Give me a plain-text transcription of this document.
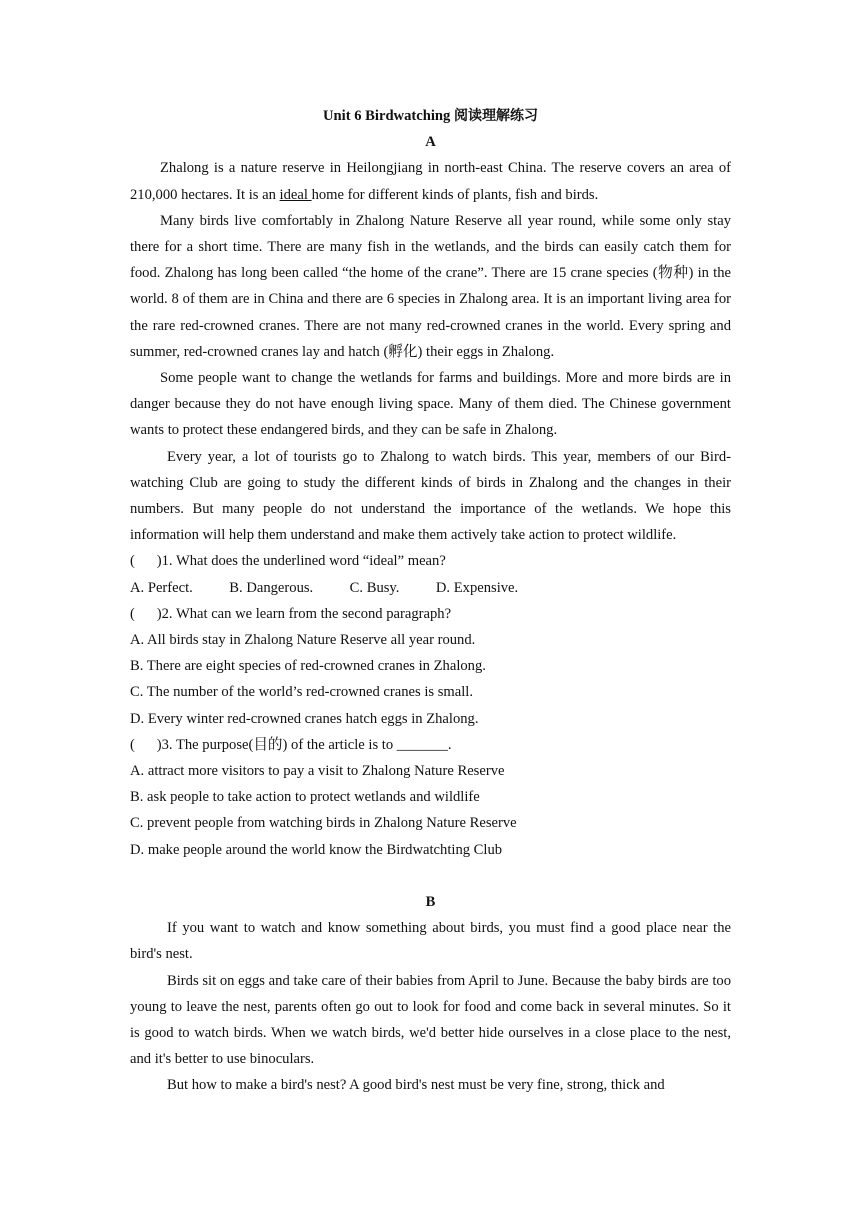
Unit 6 Birdwatching 阅读理解练习

A

Zhalong is a nature reserve in Heilongjiang in north-east China. The reserve covers an area of 210,000 hectares. It is an ideal home for different kinds of plants, fish and birds.

Many birds live comfortably in Zhalong Nature Reserve all year round, while some only stay there for a short time. There are many fish in the wetlands, and the birds can easily catch them for food. Zhalong has long been called “the home of the crane”. There are 15 crane species (物种) in the world. 8 of them are in China and there are 6 species in Zhalong area. It is an important living area for the rare red-crowned cranes. There are not many red-crowned cranes in the world. Every spring and summer, red-crowned cranes lay and hatch (孵化) their eggs in Zhalong.

Some people want to change the wetlands for farms and buildings. More and more birds are in danger because they do not have enough living space. Many of them died. The Chinese government wants to protect these endangered birds, and they can be safe in Zhalong.

Every year, a lot of tourists go to Zhalong to watch birds. This year, members of our Bird-watching Club are going to study the different kinds of birds in Zhalong and the changes in their numbers. But many people do not understand the importance of the wetlands. We hope this information will help them understand and make them actively take action to protect wildlife.

(      )1. What does the underlined word “ideal” mean?

A. Perfect.          B. Dangerous.          C. Busy.          D. Expensive.

(      )2. What can we learn from the second paragraph?

A. All birds stay in Zhalong Nature Reserve all year round.

B. There are eight species of red-crowned cranes in Zhalong.

C. The number of the world’s red-crowned cranes is small.

D. Every winter red-crowned cranes hatch eggs in Zhalong.

(      )3. The purpose(目的) of the article is to _______.

A. attract more visitors to pay a visit to Zhalong Nature Reserve

B. ask people to take action to protect wetlands and wildlife

C. prevent people from watching birds in Zhalong Nature Reserve

D. make people around the world know the Birdwatchting Club

B

If you want to watch and know something about birds, you must find a good place near the bird's nest.

Birds sit on eggs and take care of their babies from April to June. Because the baby birds are too young to leave the nest, parents often go out to look for food and come back in several minutes. So it is good to watch birds. When we watch birds, we'd better hide ourselves in a close place to the nest, and it's better to use binoculars.

But how to make a bird's nest? A good bird's nest must be very fine, strong, thick and
